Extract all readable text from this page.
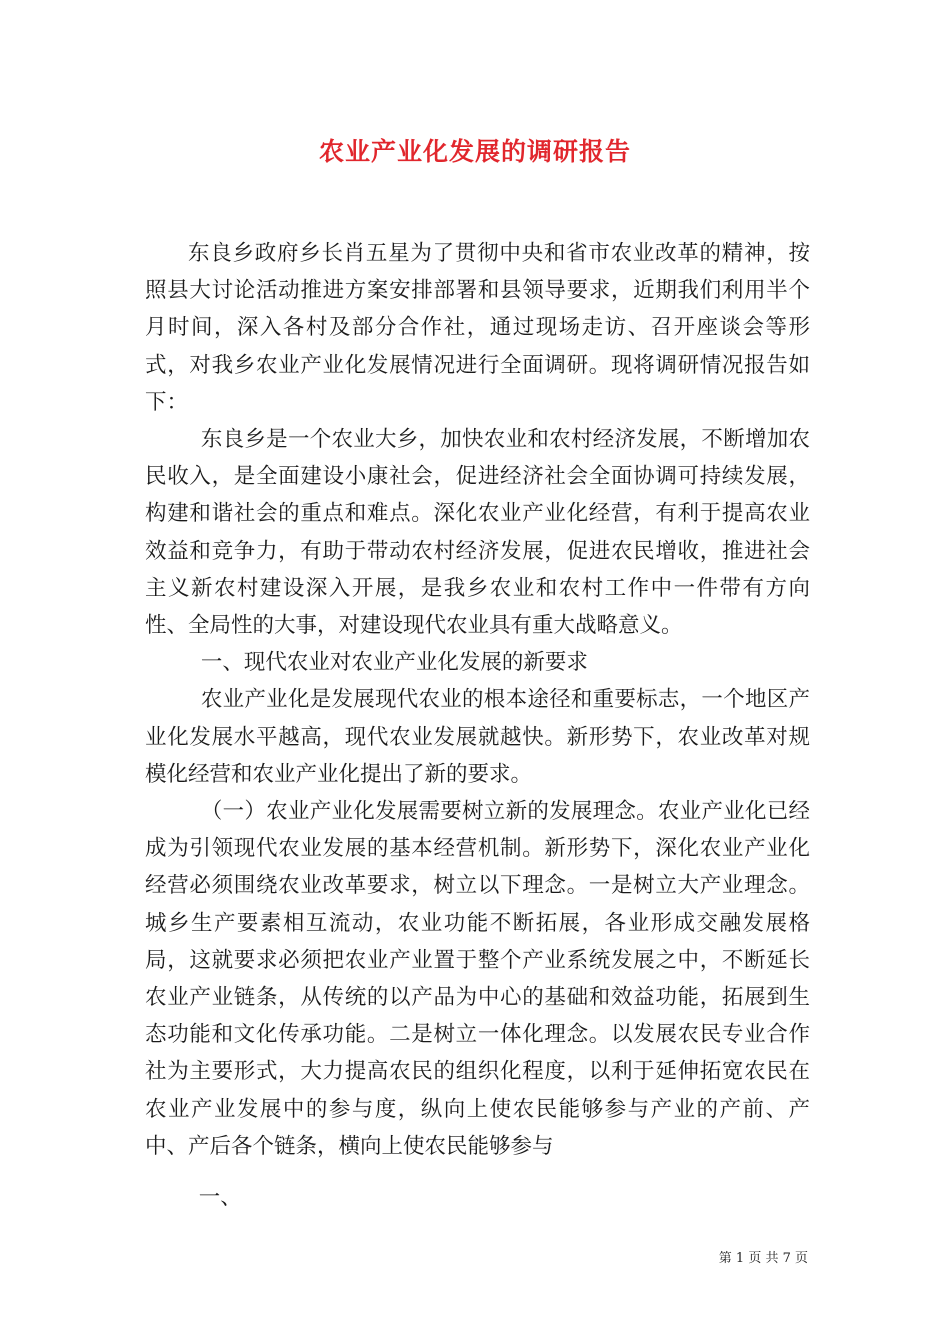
农业产业化发展的调研报告

东良乡政府乡长肖五星为了贯彻中央和省市农业改革的精神，按照县大讨论活动推进方案安排部署和县领导要求，近期我们利用半个月时间，深入各村及部分合作社，通过现场走访、召开座谈会等形式，对我乡农业产业化发展情况进行全面调研。现将调研情况报告如下：

东良乡是一个农业大乡，加快农业和农村经济发展，不断增加农民收入，是全面建设小康社会，促进经济社会全面协调可持续发展，构建和谐社会的重点和难点。深化农业产业化经营，有利于提高农业效益和竞争力，有助于带动农村经济发展，促进农民增收，推进社会主义新农村建设深入开展，是我乡农业和农村工作中一件带有方向性、全局性的大事，对建设现代农业具有重大战略意义。

一、现代农业对农业产业化发展的新要求

农业产业化是发展现代农业的根本途径和重要标志，一个地区产业化发展水平越高，现代农业发展就越快。新形势下，农业改革对规模化经营和农业产业化提出了新的要求。

（一）农业产业化发展需要树立新的发展理念。农业产业化已经成为引领现代农业发展的基本经营机制。新形势下，深化农业产业化经营必须围绕农业改革要求，树立以下理念。一是树立大产业理念。城乡生产要素相互流动，农业功能不断拓展，各业形成交融发展格局，这就要求必须把农业产业置于整个产业系统发展之中，不断延长农业产业链条，从传统的以产品为中心的基础和效益功能，拓展到生态功能和文化传承功能。二是树立一体化理念。以发展农民专业合作社为主要形式，大力提高农民的组织化程度，以利于延伸拓宽农民在农业产业发展中的参与度，纵向上使农民能够参与产业的产前、产中、产后各个链条，横向上使农民能够参与

一、

第 1 页 共 7 页
